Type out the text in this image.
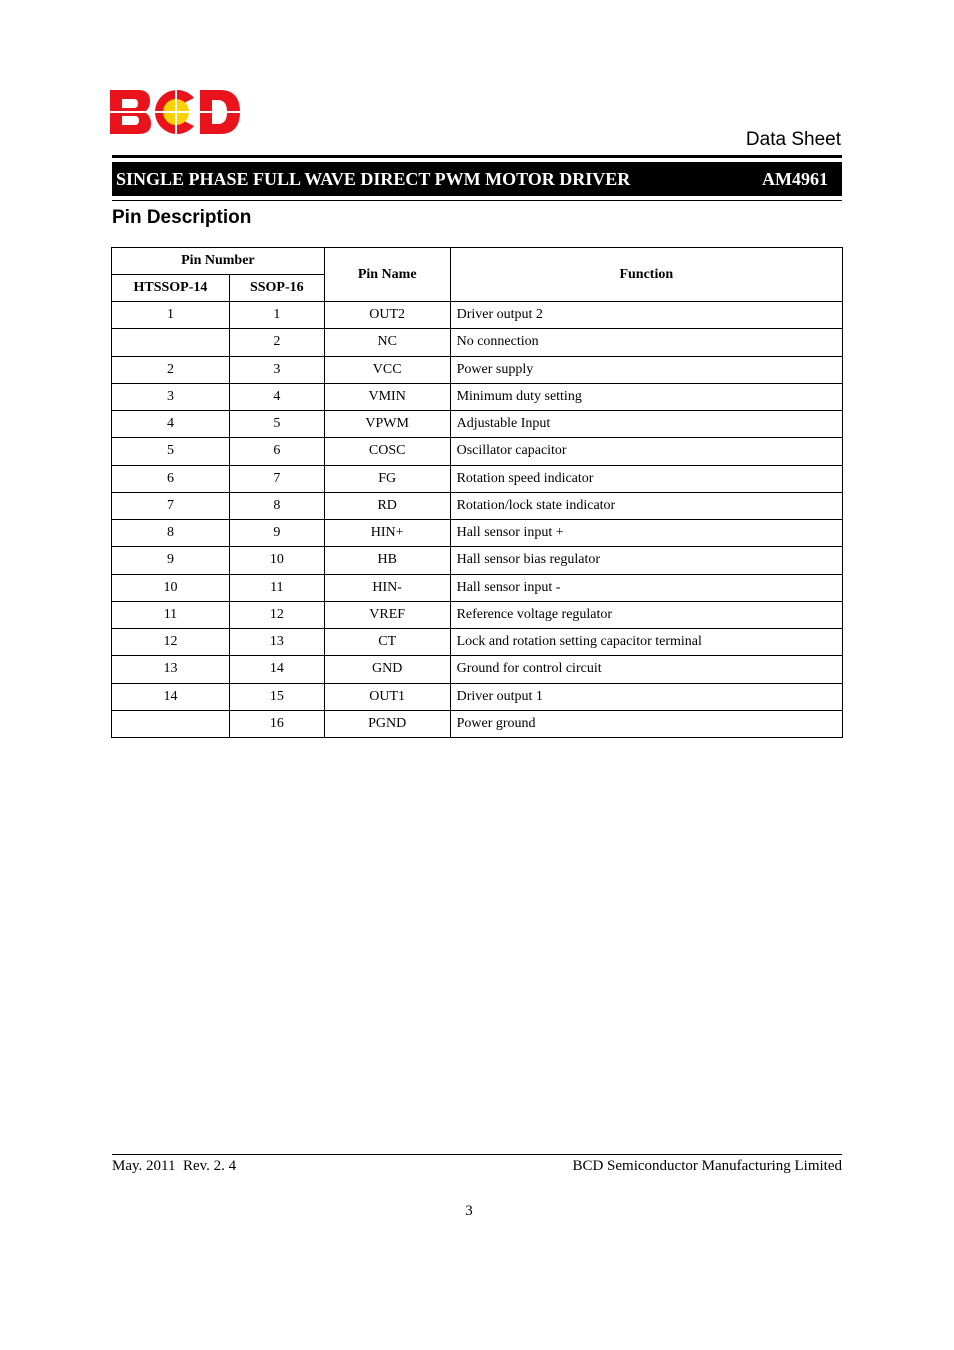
Data Sheet
SINGLE PHASE FULL WAVE DIRECT PWM MOTOR DRIVER	AM4961
Pin Description
Pin Number		Pin Name	Function
HTSSOP-14	SSOP-16		
1	1	OUT2	Driver output 2
	2	NC	No connection
2	3	VCC	Power supply
3	4	VMIN	Minimum duty setting
4	5	VPWM	Adjustable Input
5	6	COSC	Oscillator capacitor
6	7	FG	Rotation speed indicator
7	8	RD	Rotation/lock state indicator
8	9	HIN+	Hall sensor input +
9	10	HB	Hall sensor bias regulator
10	11	HIN-	Hall sensor input -
11	12	VREF	Reference voltage regulator
12	13	CT	Lock and rotation setting capacitor terminal
13	14	GND	Ground for control circuit
14	15	OUT1	Driver output 1
	16	PGND	Power ground
May. 2011  Rev. 2. 4	BCD Semiconductor Manufacturing Limited
3
